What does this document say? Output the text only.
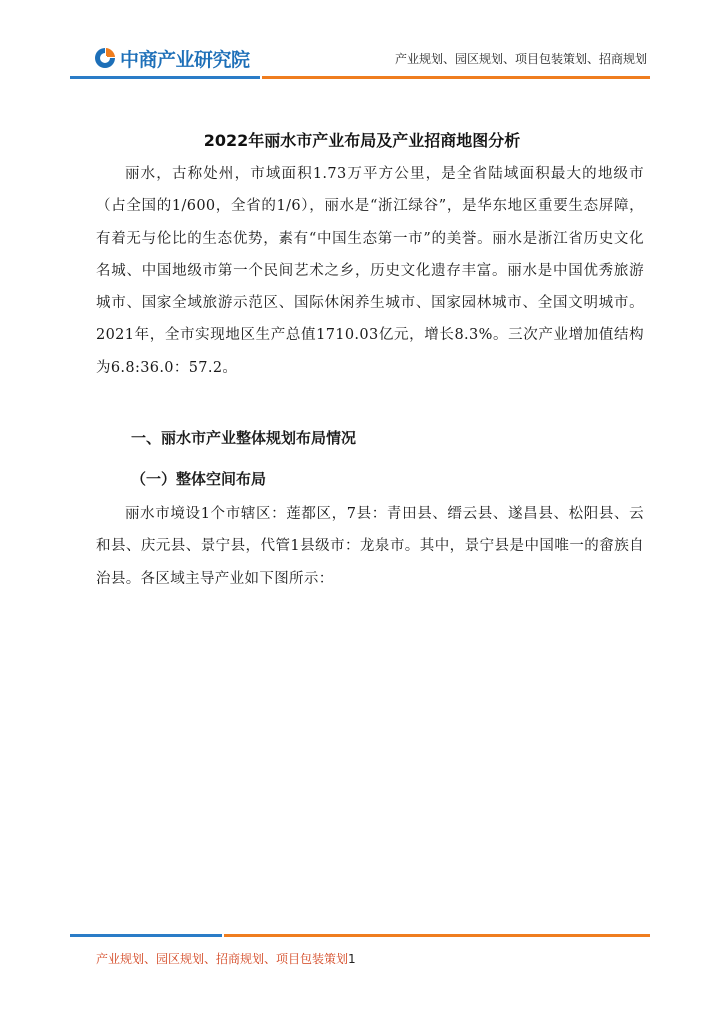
中商产业研究院	产业规划、园区规划、项目包装策划、招商规划
2022年丽水市产业布局及产业招商地图分析

丽水，古称处州，市域面积1.73万平方公里，是全省陆域面积最大的地级市（占全国的1/600，全省的1/6），丽水是“浙江绿谷”，是华东地区重要生态屏障，有着无与伦比的生态优势，素有“中国生态第一市”的美誉。丽水是浙江省历史文化名城、中国地级市第一个民间艺术之乡，历史文化遗存丰富。丽水是中国优秀旅游城市、国家全域旅游示范区、国际休闲养生城市、国家园林城市、全国文明城市。2021年，全市实现地区生产总值1710.03亿元，增长8.3%。三次产业增加值结构为6.8:36.0：57.2。

一、丽水市产业整体规划布局情况
（一）整体空间布局

丽水市境设1个市辖区：莲都区，7县：青田县、缙云县、遂昌县、松阳县、云和县、庆元县、景宁县，代管1县级市：龙泉市。其中，景宁县是中国唯一的畲族自治县。各区域主导产业如下图所示：

产业规划、园区规划、招商规划、项目包装策划1
